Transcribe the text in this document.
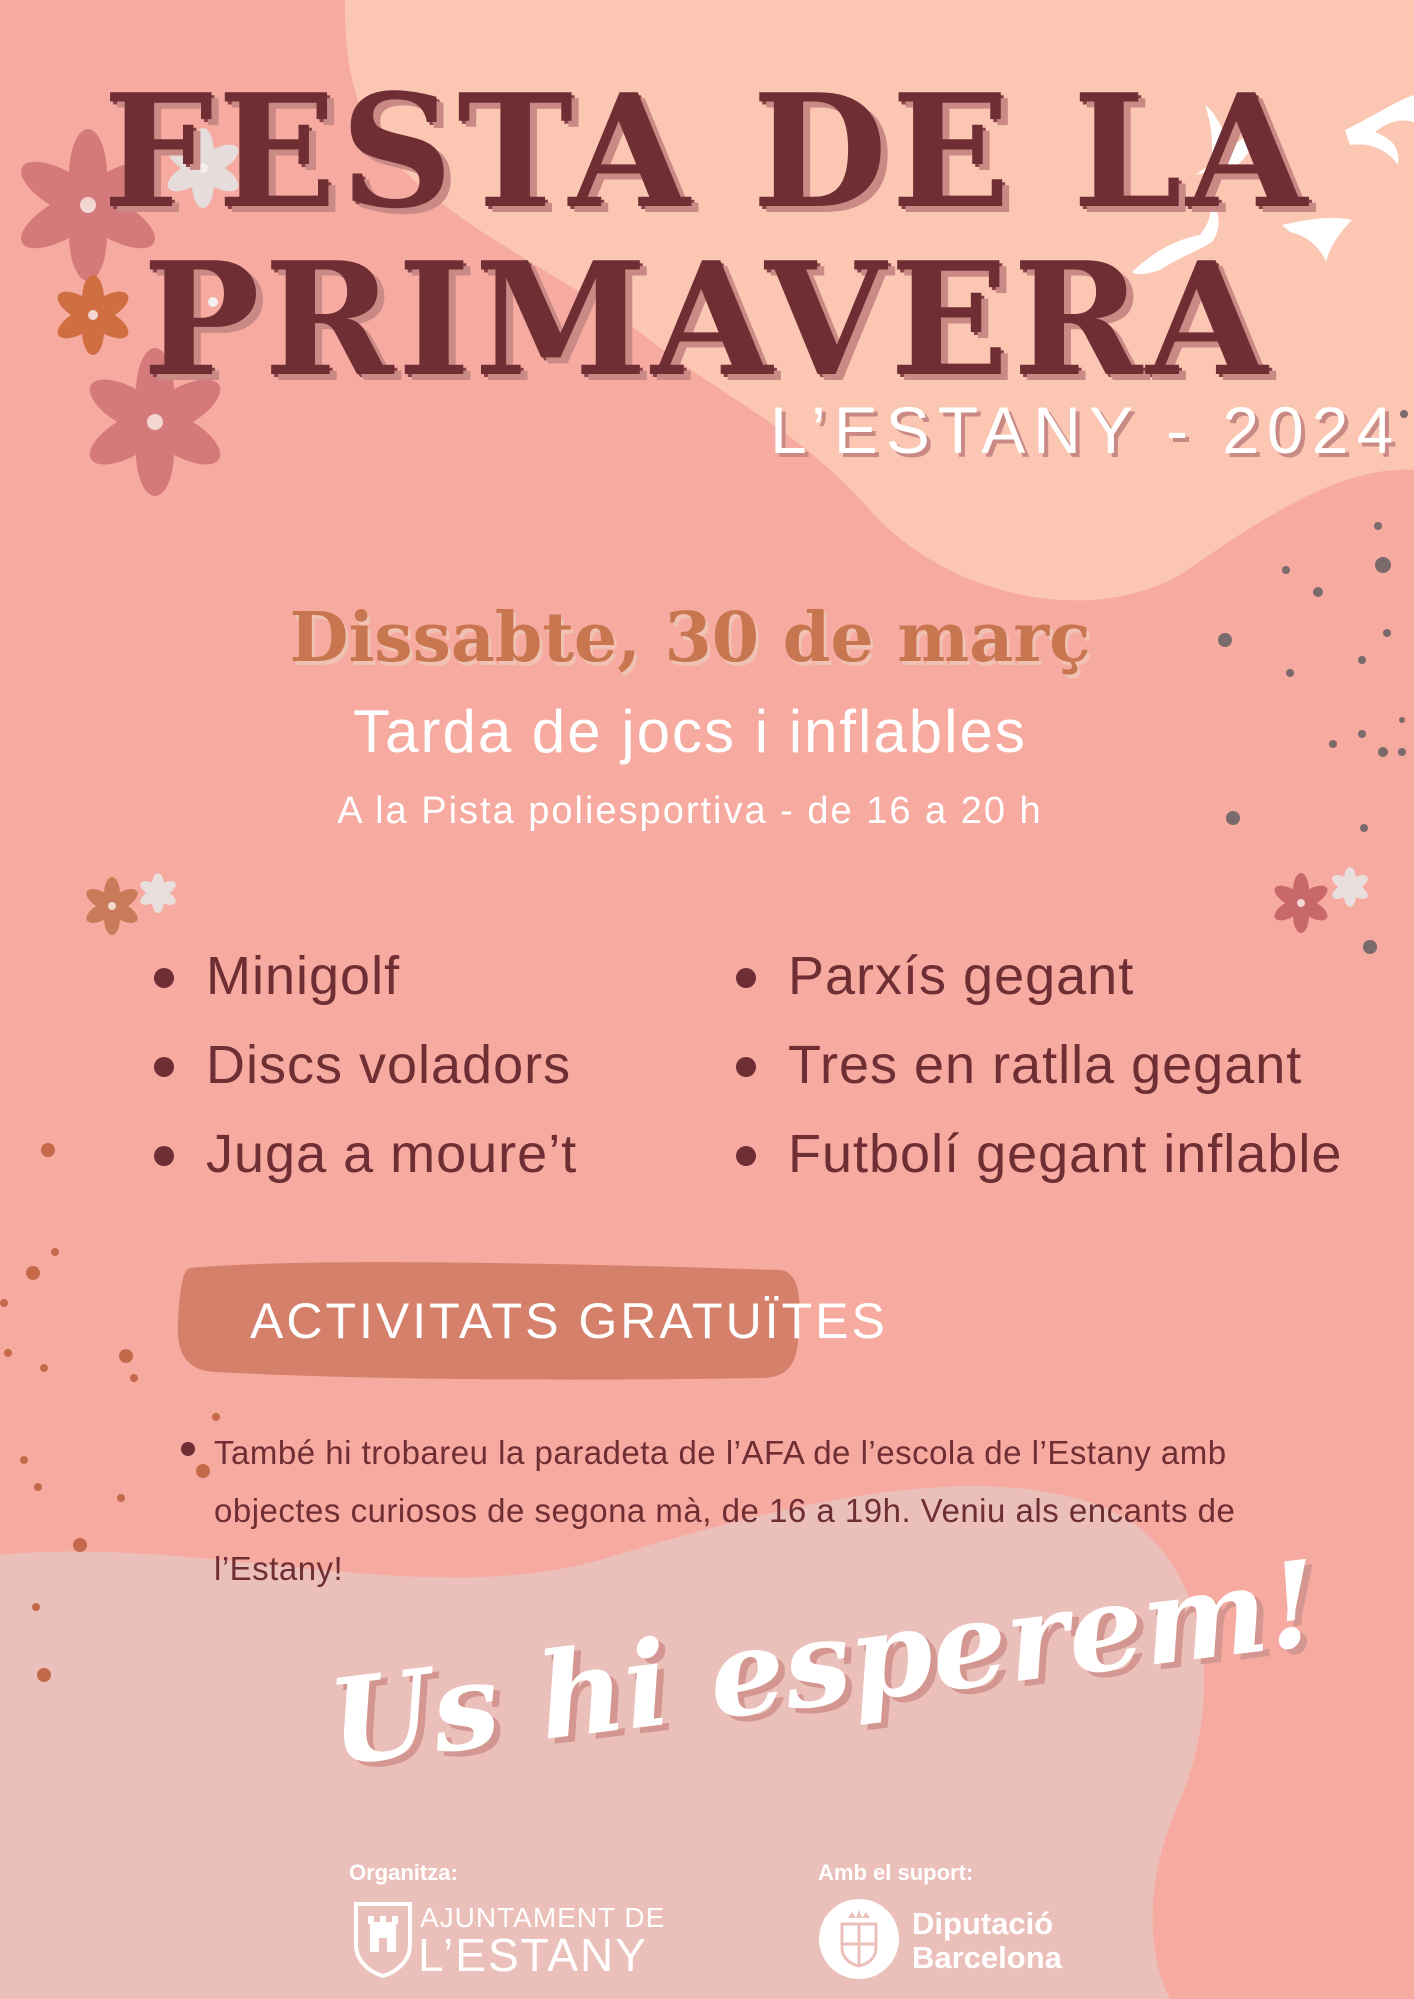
FESTA DE LA
PRIMAVERA
L’ESTANY - 2024
Dissabte, 30 de març
Tarda de jocs i inflables
A la Pista poliesportiva - de 16 a 20 h
Minigolf
Discs voladors
Juga a moure’t
Parxís gegant
Tres en ratlla gegant
Futbolí gegant inflable
ACTIVITATS GRATUÏTES
També hi trobareu la paradeta de l’AFA de l’escola de l’Estany amb objectes curiosos de segona mà, de 16 a 19h. Veniu als encants de l’Estany!
Us hi esperem!
Organitza:
AJUNTAMENT DE
L’ESTANY
Amb el suport:
Diputació
Barcelona
